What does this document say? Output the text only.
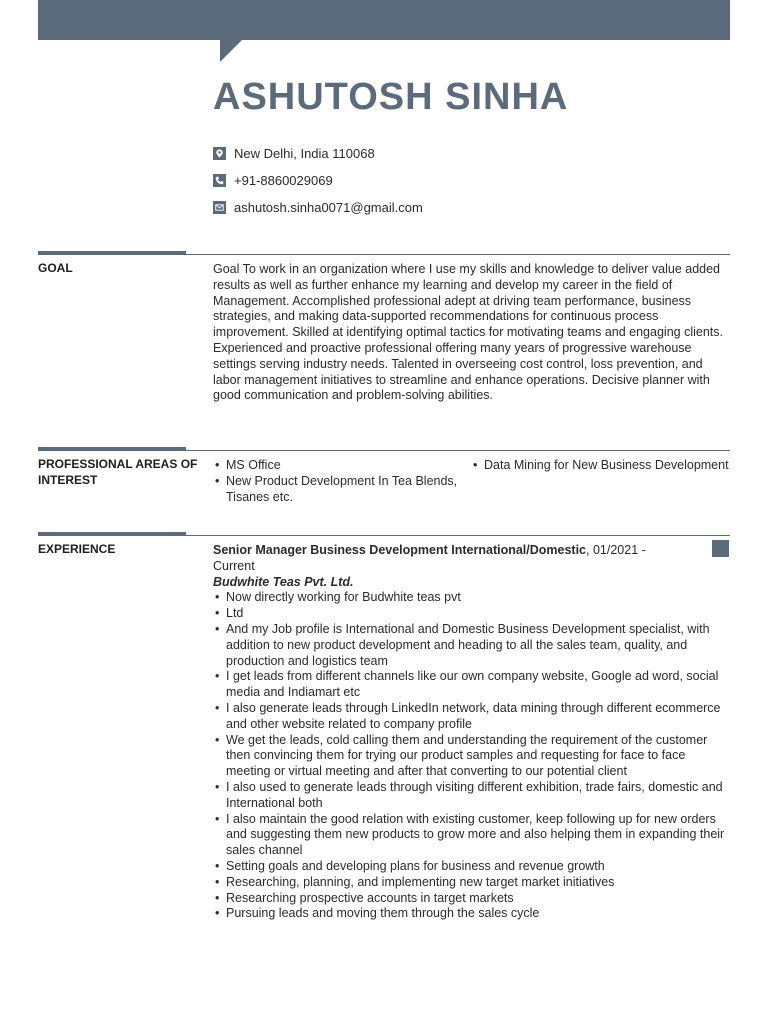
ASHUTOSH SINHA
New Delhi, India 110068
+91-8860029069
ashutosh.sinha0071@gmail.com
GOAL	Goal To work in an organization where I use my skills and knowledge to deliver value added results as well as further enhance my learning and develop my career in the field of Management. Accomplished professional adept at driving team performance, business strategies, and making data-supported recommendations for continuous process improvement. Skilled at identifying optimal tactics for motivating teams and engaging clients. Experienced and proactive professional offering many years of progressive warehouse settings serving industry needs. Talented in overseeing cost control, loss prevention, and labor management initiatives to streamline and enhance operations. Decisive planner with good communication and problem-solving abilities.

PROFESSIONAL AREAS OF INTEREST
• MS Office
• New Product Development In Tea Blends, Tisanes etc.
• Data Mining for New Business Development
EXPERIENCE	Senior Manager Business Development International/Domestic, 01/2021 - Current

Budwhite Teas Pvt. Ltd.

• Now directly working for Budwhite teas pvt
• Ltd
• And my Job profile is International and Domestic Business Development specialist, with addition to new product development and heading to all the sales team, quality, and production and logistics team
• I get leads from different channels like our own company website, Google ad word, social media and Indiamart etc
• I also generate leads through LinkedIn network, data mining through different ecommerce and other website related to company profile
• We get the leads, cold calling them and understanding the requirement of the customer then convincing them for trying our product samples and requesting for face to face meeting or virtual meeting and after that converting to our potential client
• I also used to generate leads through visiting different exhibition, trade fairs, domestic and International both
• I also maintain the good relation with existing customer, keep following up for new orders and suggesting them new products to grow more and also helping them in expanding their sales channel
• Setting goals and developing plans for business and revenue growth
• Researching, planning, and implementing new target market initiatives
• Researching prospective accounts in target markets
• Pursuing leads and moving them through the sales cycle
